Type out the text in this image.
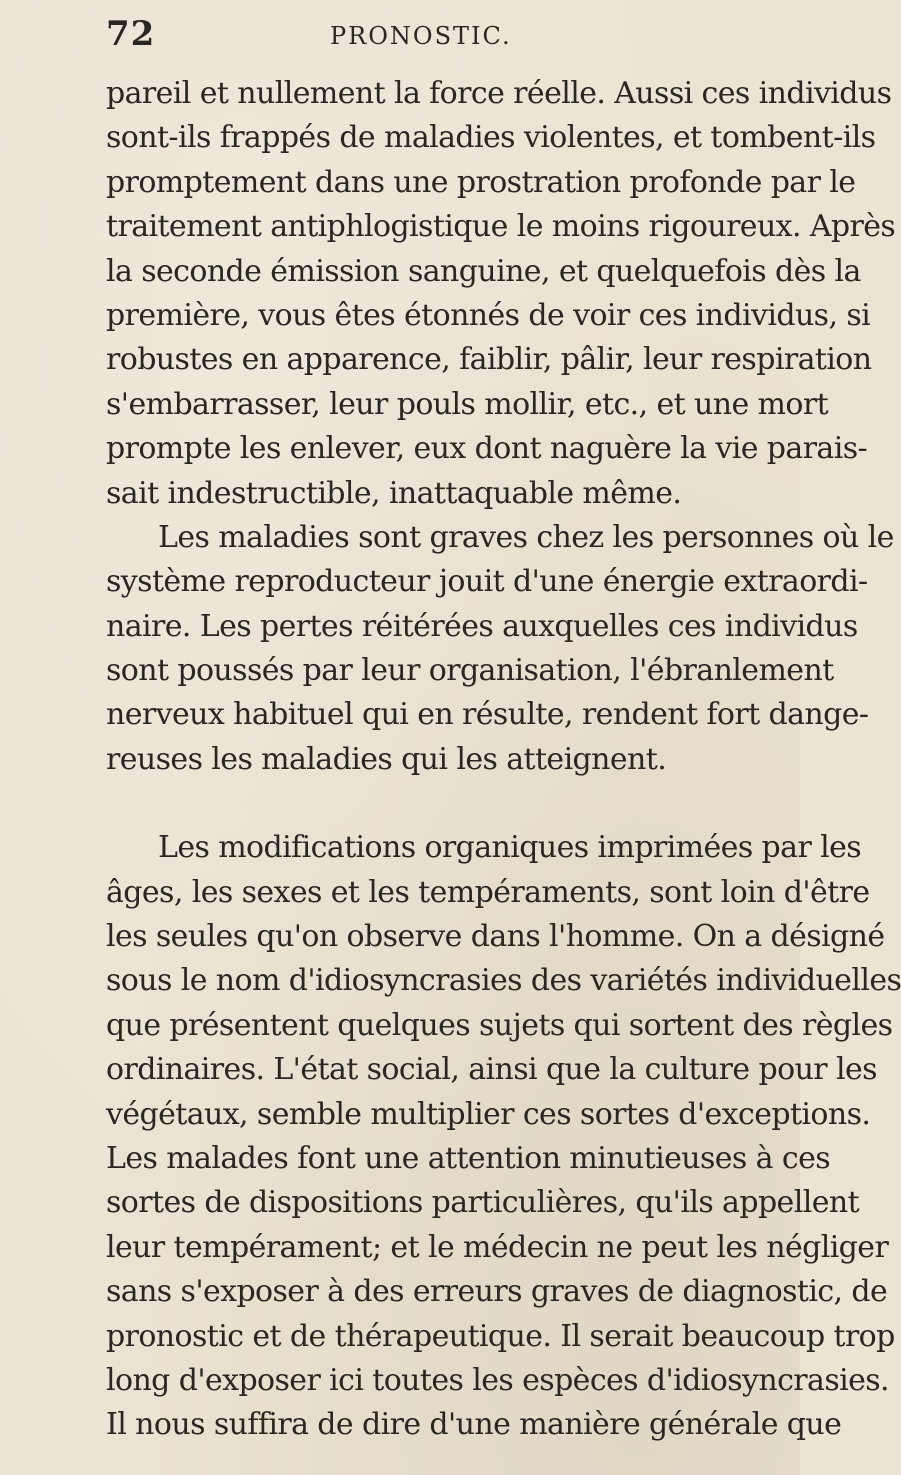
72	PRONOSTIC.
pareil et nullement la force réelle. Aussi ces individus
sont-ils frappés de maladies violentes, et tombent-ils
promptement dans une prostration profonde par le
traitement antiphlogistique le moins rigoureux. Après
la seconde émission sanguine, et quelquefois dès la
première, vous êtes étonnés de voir ces individus, si
robustes en apparence, faiblir, pâlir, leur respiration
s'embarrasser, leur pouls mollir, etc., et une mort
prompte les enlever, eux dont naguère la vie parais-
sait indestructible, inattaquable même.
Les maladies sont graves chez les personnes où le
système reproducteur jouit d'une énergie extraordi-
naire. Les pertes réitérées auxquelles ces individus
sont poussés par leur organisation, l'ébranlement
nerveux habituel qui en résulte, rendent fort dange-
reuses les maladies qui les atteignent.
Les modifications organiques imprimées par les
âges, les sexes et les tempéraments, sont loin d'être
les seules qu'on observe dans l'homme. On a désigné
sous le nom d'idiosyncrasies des variétés individuelles
que présentent quelques sujets qui sortent des règles
ordinaires. L'état social, ainsi que la culture pour les
végétaux, semble multiplier ces sortes d'exceptions.
Les malades font une attention minutieuses à ces
sortes de dispositions particulières, qu'ils appellent
leur tempérament; et le médecin ne peut les négliger
sans s'exposer à des erreurs graves de diagnostic, de
pronostic et de thérapeutique. Il serait beaucoup trop
long d'exposer ici toutes les espèces d'idiosyncrasies.
Il nous suffira de dire d'une manière générale que
